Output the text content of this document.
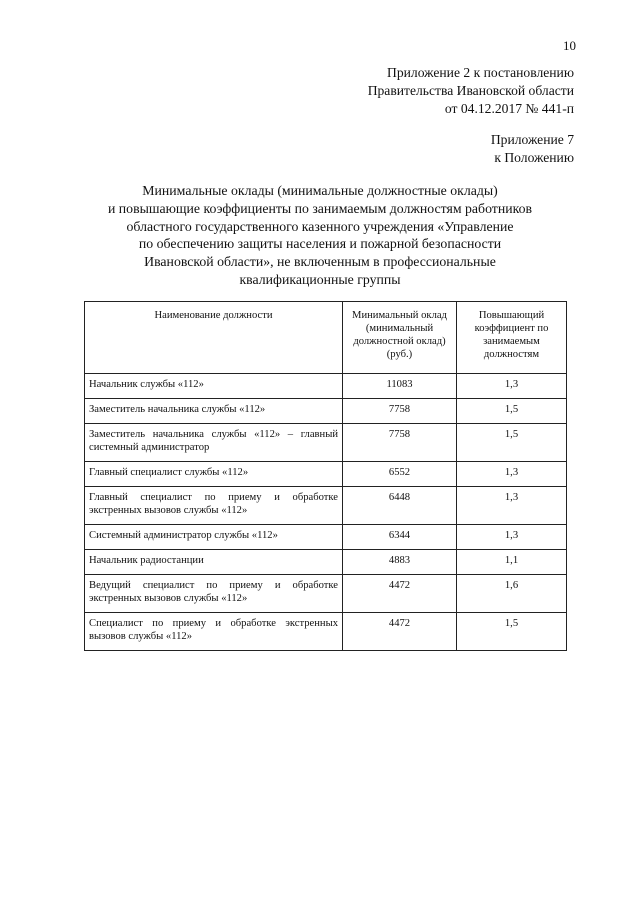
10
Приложение 2 к постановлению
Правительства Ивановской области
от 04.12.2017 № 441-п
Приложение 7
к Положению
Минимальные оклады (минимальные должностные оклады)
и повышающие коэффициенты по занимаемым должностям работников
областного государственного казенного учреждения «Управление
по обеспечению защиты населения и пожарной безопасности
Ивановской области», не включенным в профессиональные
квалификационные группы
Наименование должности	Минимальный оклад (минимальный должностной оклад) (руб.)	Повышающий коэффициент по занимаемым должностям
Начальник службы «112»	11083	1,3
Заместитель начальника службы «112»	7758	1,5
Заместитель начальника службы «112» – главный системный администратор	7758	1,5
Главный специалист службы «112»	6552	1,3
Главный специалист по приему и обработке экстренных вызовов службы «112»	6448	1,3
Системный администратор службы «112»	6344	1,3
Начальник радиостанции	4883	1,1
Ведущий специалист по приему и обработке экстренных вызовов службы «112»	4472	1,6
Специалист по приему и обработке экстренных вызовов службы «112»	4472	1,5
